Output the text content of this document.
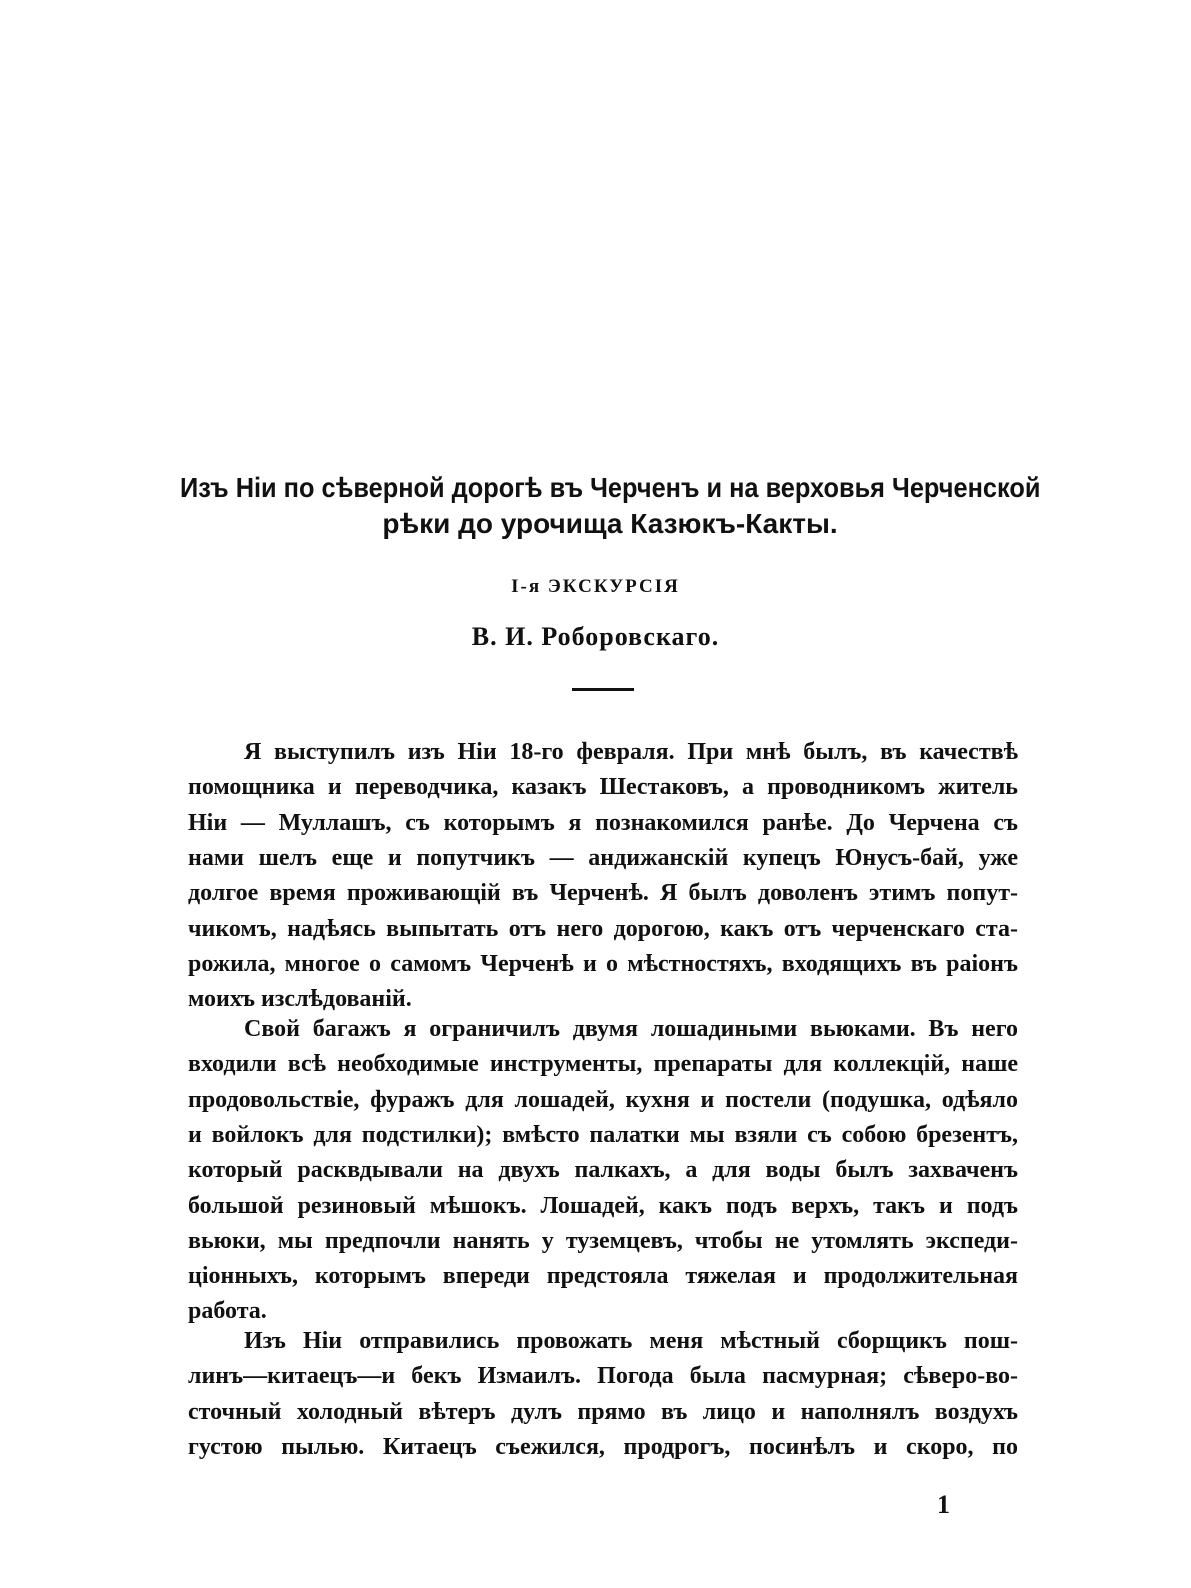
Изъ Ніи по сѣверной дорогѣ въ Черченъ и на верховья Черченской
рѣки до урочища Казюкъ-Какты.
I-я ЭКСКУРСІЯ
В. И. Роборовскаго.
Я выступилъ изъ Ніи 18-го февраля. При мнѣ былъ, въ качествѣ
помощника и переводчика, казакъ Шестаковъ, а проводникомъ житель
Ніи — Муллашъ, съ которымъ я познакомился ранѣе. До Черчена съ
нами шелъ еще и попутчикъ — андижанскій купецъ Юнусъ-бай, уже
долгое время проживающій въ Черченѣ. Я былъ доволенъ этимъ попут-
чикомъ, надѣясь выпытать отъ него дорогою, какъ отъ черченскаго ста-
рожила, многое о самомъ Черченѣ и о мѣстностяхъ, входящихъ въ раіонъ
моихъ изслѣдованій.
Свой багажъ я ограничилъ двумя лошадиными вьюками. Въ него
входили всѣ необходимые инструменты, препараты для коллекцій, наше
продовольствіе, фуражъ для лошадей, кухня и постели (подушка, одѣяло
и войлокъ для подстилки); вмѣсто палатки мы взяли съ собою брезентъ,
который расквдывали на двухъ палкахъ, а для воды былъ захваченъ
большой резиновый мѣшокъ. Лошадей, какъ подъ верхъ, такъ и подъ
вьюки, мы предпочли нанять у туземцевъ, чтобы не утомлять экспеди-
ціонныхъ, которымъ впереди предстояла тяжелая и продолжительная
работа.
Изъ Ніи отправились провожать меня мѣстный сборщикъ пош-
линъ—китаецъ—и бекъ Измаилъ. Погода была пасмурная; сѣверо-во-
сточный холодный вѣтеръ дулъ прямо въ лицо и наполнялъ воздухъ
густою пылью. Китаецъ съежился, продрогъ, посинѣлъ и скоро, по
1
